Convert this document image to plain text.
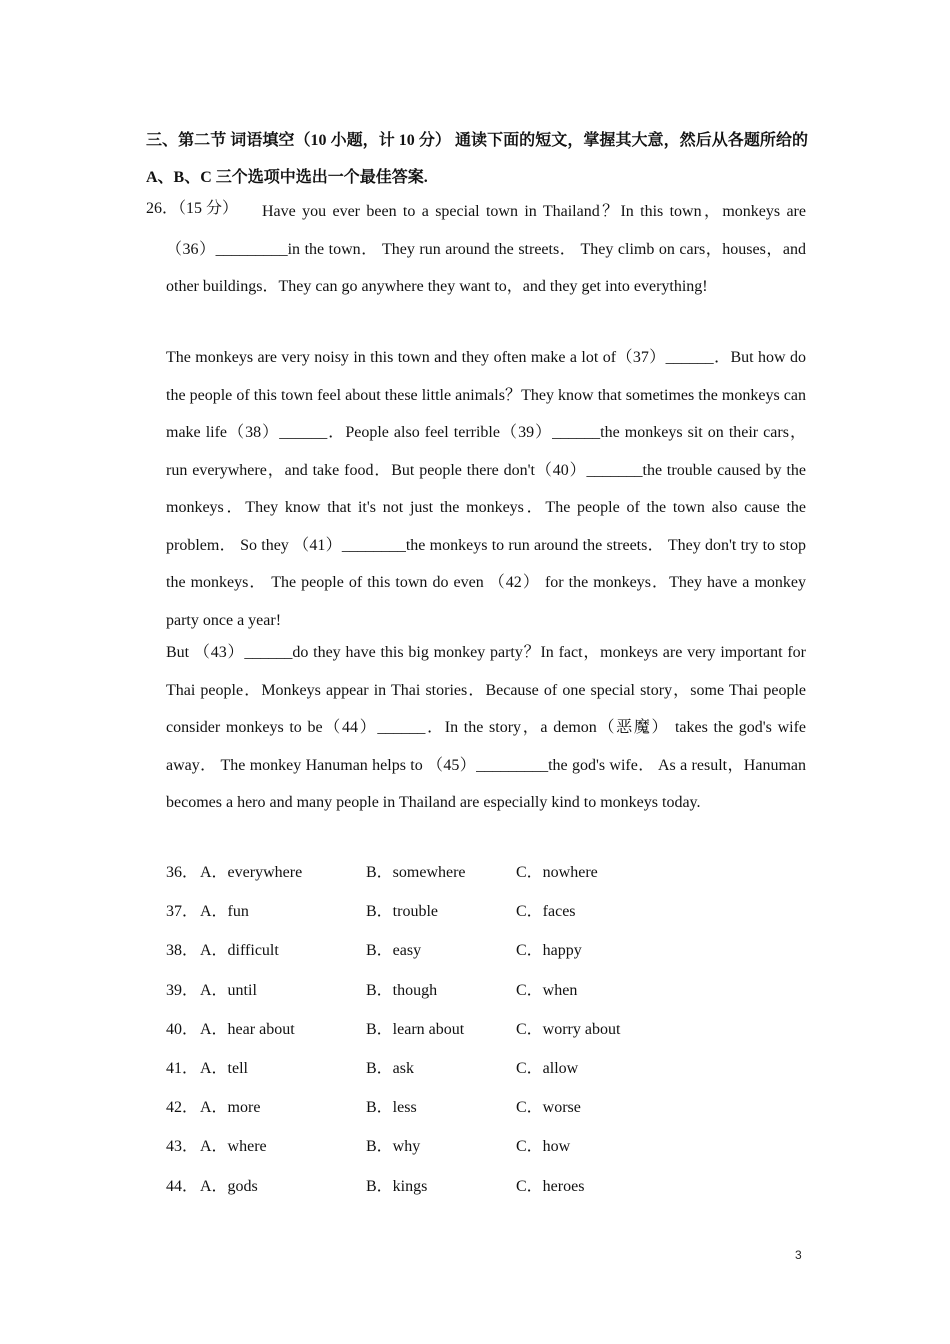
三、第二节 词语填空（10 小题，计 10 分） 通读下面的短文，掌握其大意，然后从各题所给的 A、B、C 三个选项中选出一个最佳答案.

26．（15 分）	Have you ever been to a special town in Thailand？In this town，monkeys are （36）_________in the town． They run around the streets． They climb on cars，houses，and other buildings．They can go anywhere they want to，and they get into everything!

The monkeys are very noisy in this town and they often make a lot of（37）______．But how do the people of this town feel about these little animals？They know that sometimes the monkeys can make life（38）______．People also feel terrible（39）______the monkeys sit on their cars，run everywhere，and take food．But people there don't（40）_______the trouble caused by the monkeys．They know that it's not just the monkeys．The people of the town also cause the problem． So they （41）________the monkeys to run around the streets． They don't try to stop the monkeys． The people of this town do even （42） for the monkeys．They have a monkey party once a year!

But （43）______do they have this big monkey party？In fact，monkeys are very important for Thai people．Monkeys appear in Thai stories．Because of one special story，some Thai people consider monkeys to be（44）______．In the story，a demon（恶魔） takes the god's wife away． The monkey Hanuman helps to （45）_________the god's wife． As a result，Hanuman becomes a hero and many people in Thailand are especially kind to monkeys today.

36． A．everywhere	B．somewhere	C．nowhere
37． A．fun	B．trouble	C．faces
38． A．difficult	B．easy	C．happy
39． A．until	B．though	C．when
40． A．hear about	B．learn about	C．worry about
41． A．tell	B．ask	C．allow
42． A．more	B．less	C．worse
43． A．where	B．why	C．how
44． A．gods	B．kings	C．heroes
3
